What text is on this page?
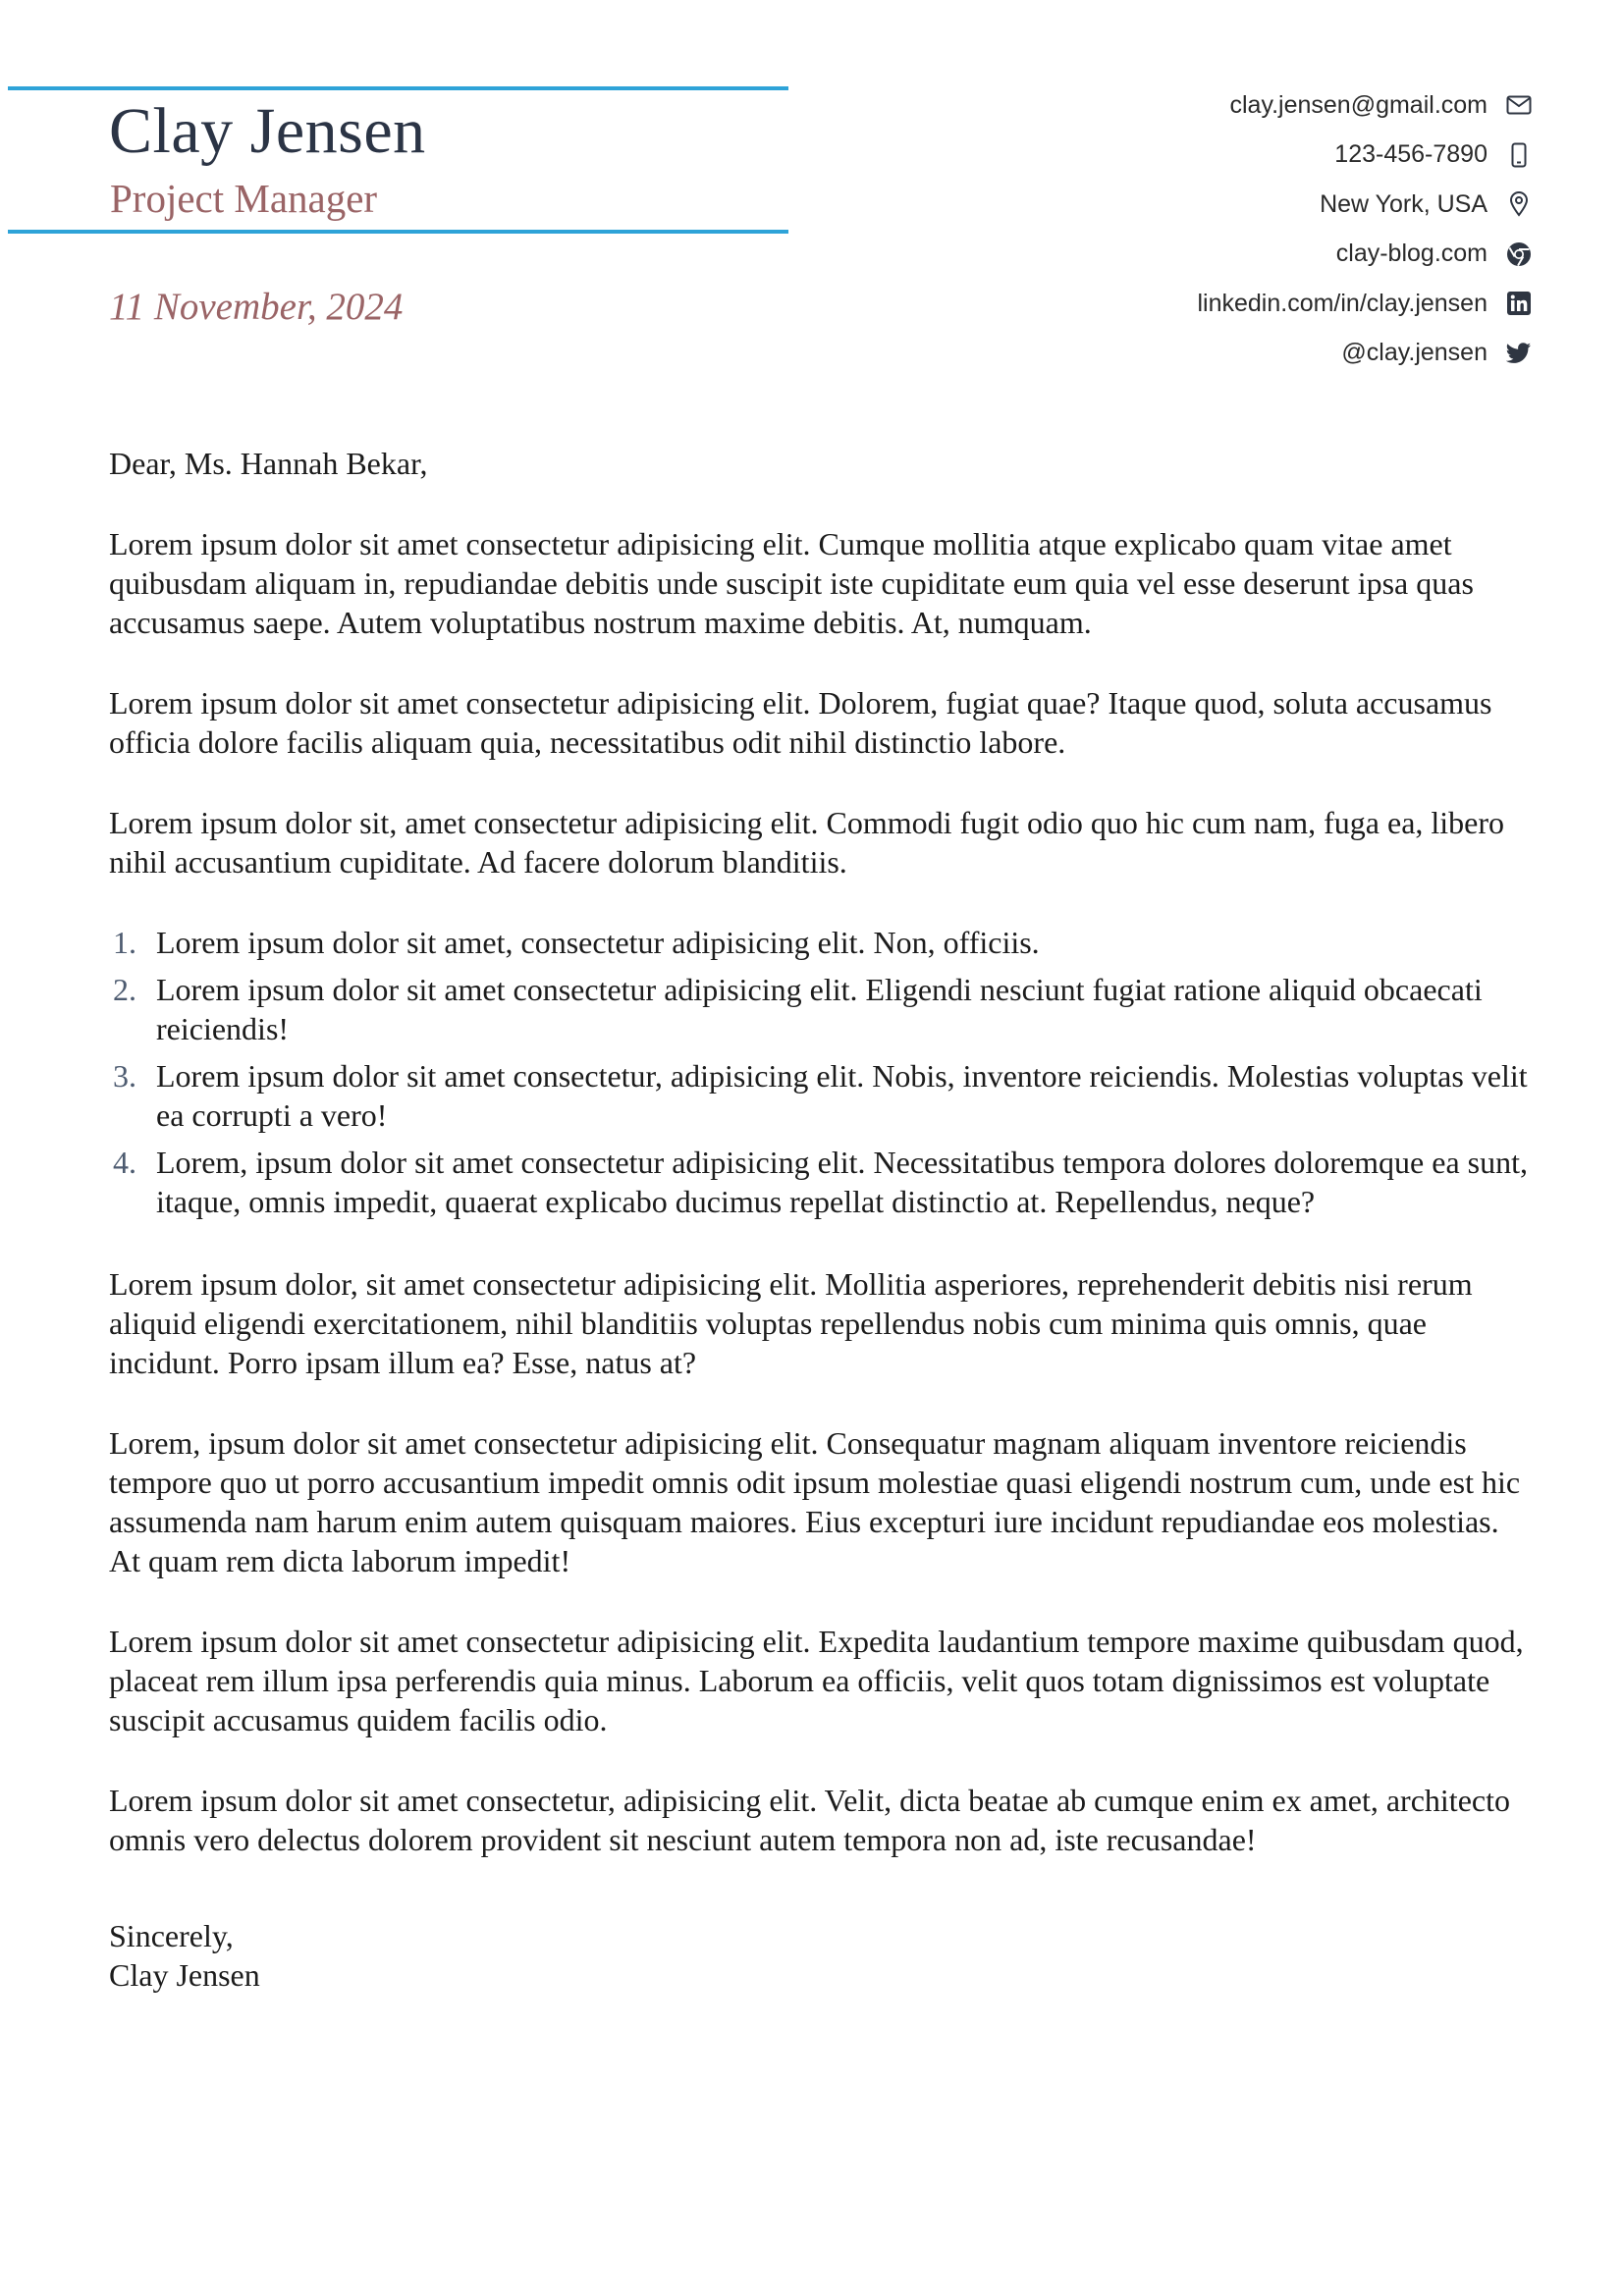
Clay Jensen
Project Manager
11 November, 2024
clay.jensen@gmail.com
123-456-7890
New York, USA
clay-blog.com
linkedin.com/in/clay.jensen
@clay.jensen

Dear, Ms. Hannah Bekar,

Lorem ipsum dolor sit amet consectetur adipisicing elit. Cumque mollitia atque explicabo quam vitae amet quibusdam aliquam in, repudiandae debitis unde suscipit iste cupiditate eum quia vel esse deserunt ipsa quas accusamus saepe. Autem voluptatibus nostrum maxime debitis. At, numquam.

Lorem ipsum dolor sit amet consectetur adipisicing elit. Dolorem, fugiat quae? Itaque quod, soluta accusamus officia dolore facilis aliquam quia, necessitatibus odit nihil distinctio labore.

Lorem ipsum dolor sit, amet consectetur adipisicing elit. Commodi fugit odio quo hic cum nam, fuga ea, libero nihil accusantium cupiditate. Ad facere dolorum blanditiis.

1. Lorem ipsum dolor sit amet, consectetur adipisicing elit. Non, officiis.
2. Lorem ipsum dolor sit amet consectetur adipisicing elit. Eligendi nesciunt fugiat ratione aliquid obcaecati reiciendis!
3. Lorem ipsum dolor sit amet consectetur, adipisicing elit. Nobis, inventore reiciendis. Molestias voluptas velit ea corrupti a vero!
4. Lorem, ipsum dolor sit amet consectetur adipisicing elit. Necessitatibus tempora dolores doloremque ea sunt, itaque, omnis impedit, quaerat explicabo ducimus repellat distinctio at. Repellendus, neque?

Lorem ipsum dolor, sit amet consectetur adipisicing elit. Mollitia asperiores, reprehenderit debitis nisi rerum aliquid eligendi exercitationem, nihil blanditiis voluptas repellendus nobis cum minima quis omnis, quae incidunt. Porro ipsam illum ea? Esse, natus at?

Lorem, ipsum dolor sit amet consectetur adipisicing elit. Consequatur magnam aliquam inventore reiciendis tempore quo ut porro accusantium impedit omnis odit ipsum molestiae quasi eligendi nostrum cum, unde est hic assumenda nam harum enim autem quisquam maiores. Eius excepturi iure incidunt repudiandae eos molestias. At quam rem dicta laborum impedit!

Lorem ipsum dolor sit amet consectetur adipisicing elit. Expedita laudantium tempore maxime quibusdam quod, placeat rem illum ipsa perferendis quia minus. Laborum ea officiis, velit quos totam dignissimos est voluptate suscipit accusamus quidem facilis odio.

Lorem ipsum dolor sit amet consectetur, adipisicing elit. Velit, dicta beatae ab cumque enim ex amet, architecto omnis vero delectus dolorem provident sit nesciunt autem tempora non ad, iste recusandae!

Sincerely,
Clay Jensen
